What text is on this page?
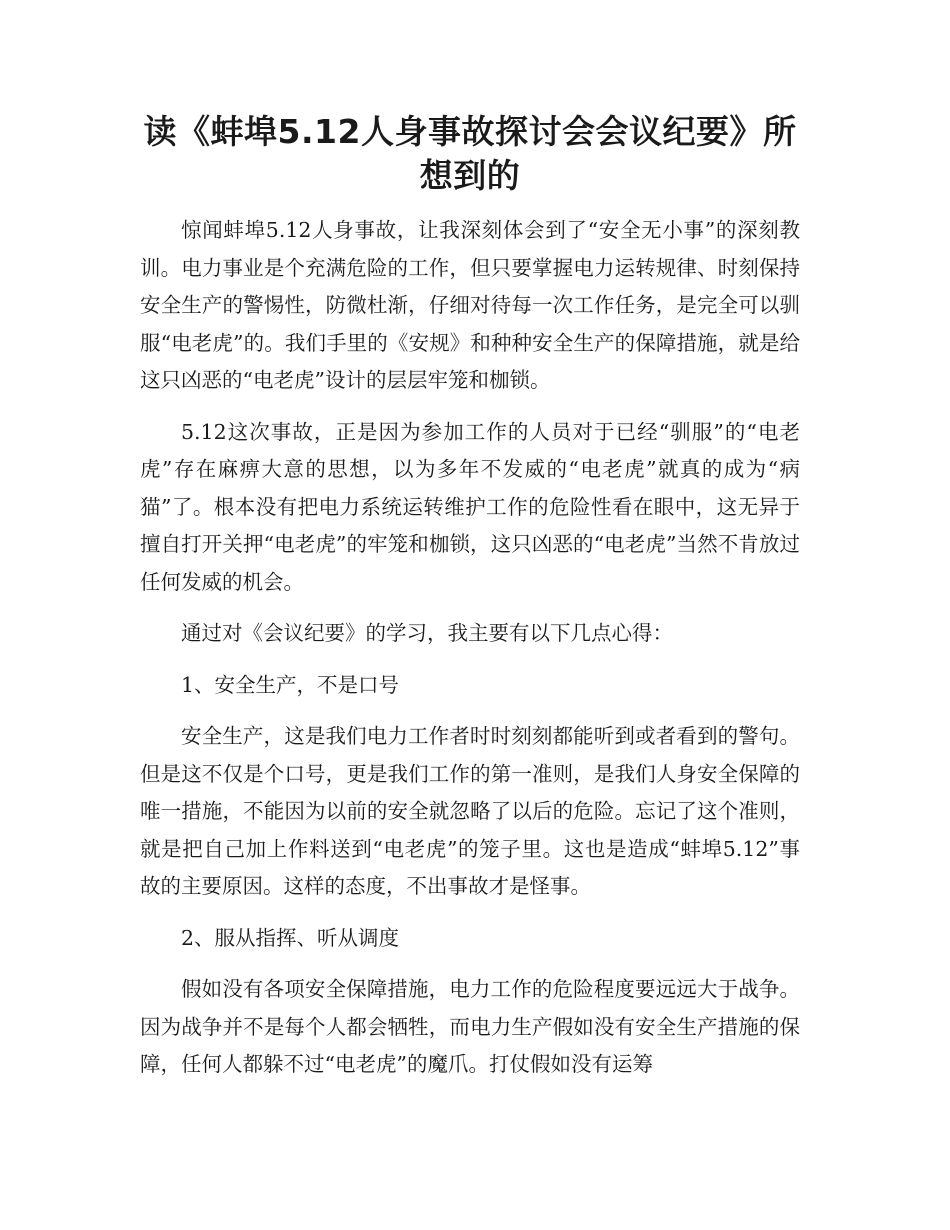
读《蚌埠5.12人身事故探讨会会议纪要》所想到的

惊闻蚌埠5.12人身事故，让我深刻体会到了“安全无小事”的深刻教训。电力事业是个充满危险的工作，但只要掌握电力运转规律、时刻保持安全生产的警惕性，防微杜渐，仔细对待每一次工作任务，是完全可以驯服“电老虎”的。我们手里的《安规》和种种安全生产的保障措施，就是给这只凶恶的“电老虎”设计的层层牢笼和枷锁。

5.12这次事故，正是因为参加工作的人员对于已经“驯服”的“电老虎”存在麻痹大意的思想，以为多年不发威的“电老虎”就真的成为“病猫”了。根本没有把电力系统运转维护工作的危险性看在眼中，这无异于擅自打开关押“电老虎”的牢笼和枷锁，这只凶恶的“电老虎”当然不肯放过任何发威的机会。

通过对《会议纪要》的学习，我主要有以下几点心得：

1、安全生产，不是口号

安全生产，这是我们电力工作者时时刻刻都能听到或者看到的警句。但是这不仅是个口号，更是我们工作的第一准则，是我们人身安全保障的唯一措施，不能因为以前的安全就忽略了以后的危险。忘记了这个准则，就是把自己加上作料送到“电老虎”的笼子里。这也是造成“蚌埠5.12”事故的主要原因。这样的态度，不出事故才是怪事。

2、服从指挥、听从调度

假如没有各项安全保障措施，电力工作的危险程度要远远大于战争。因为战争并不是每个人都会牺牲，而电力生产假如没有安全生产措施的保障，任何人都躲不过“电老虎”的魔爪。打仗假如没有运筹
